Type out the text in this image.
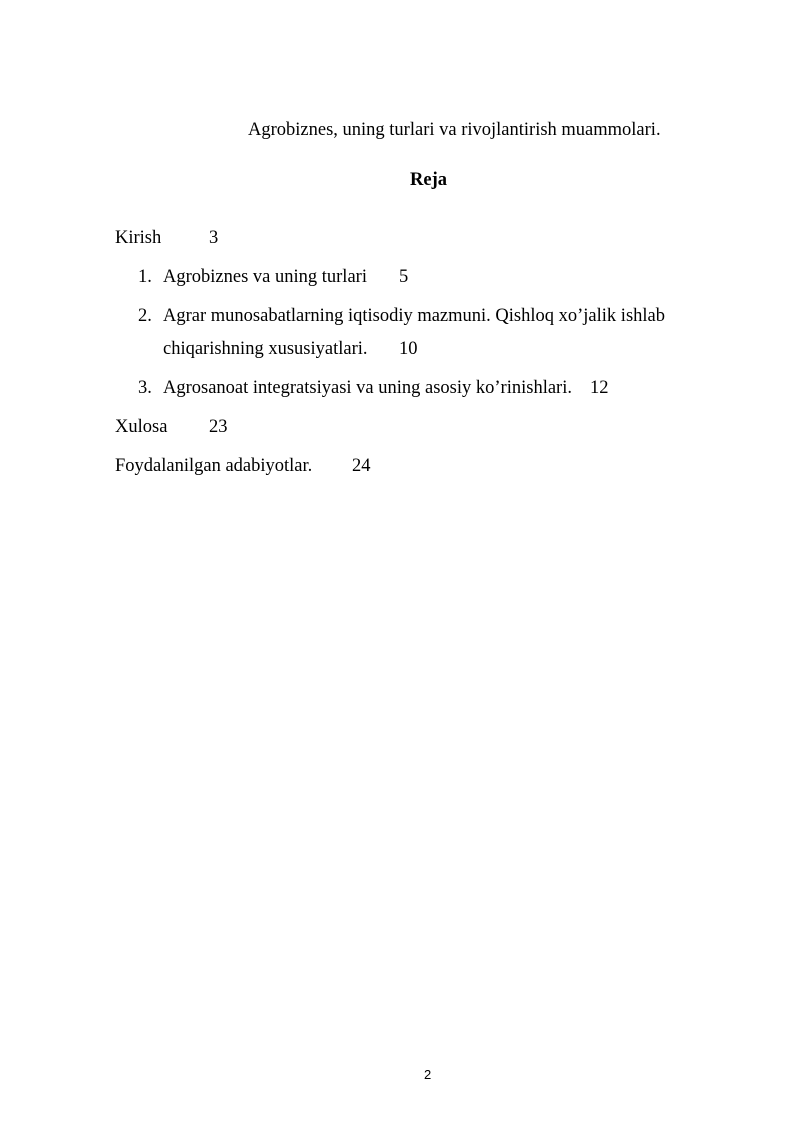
Agrobiznes, uning turlari va rivojlantirish muammolari.
Reja
Kirish	3
1. Agrobiznes va uning turlari 5
2. Agrar munosabatlarning iqtisodiy mazmuni. Qishloq xo’jalik ishlab
chiqarishning xususiyatlari. 10
3. Agrosanoat integratsiyasi va uning asosiy ko’rinishlari. 12
Xulosa 23
Foydalanilgan adabiyotlar. 24
2
